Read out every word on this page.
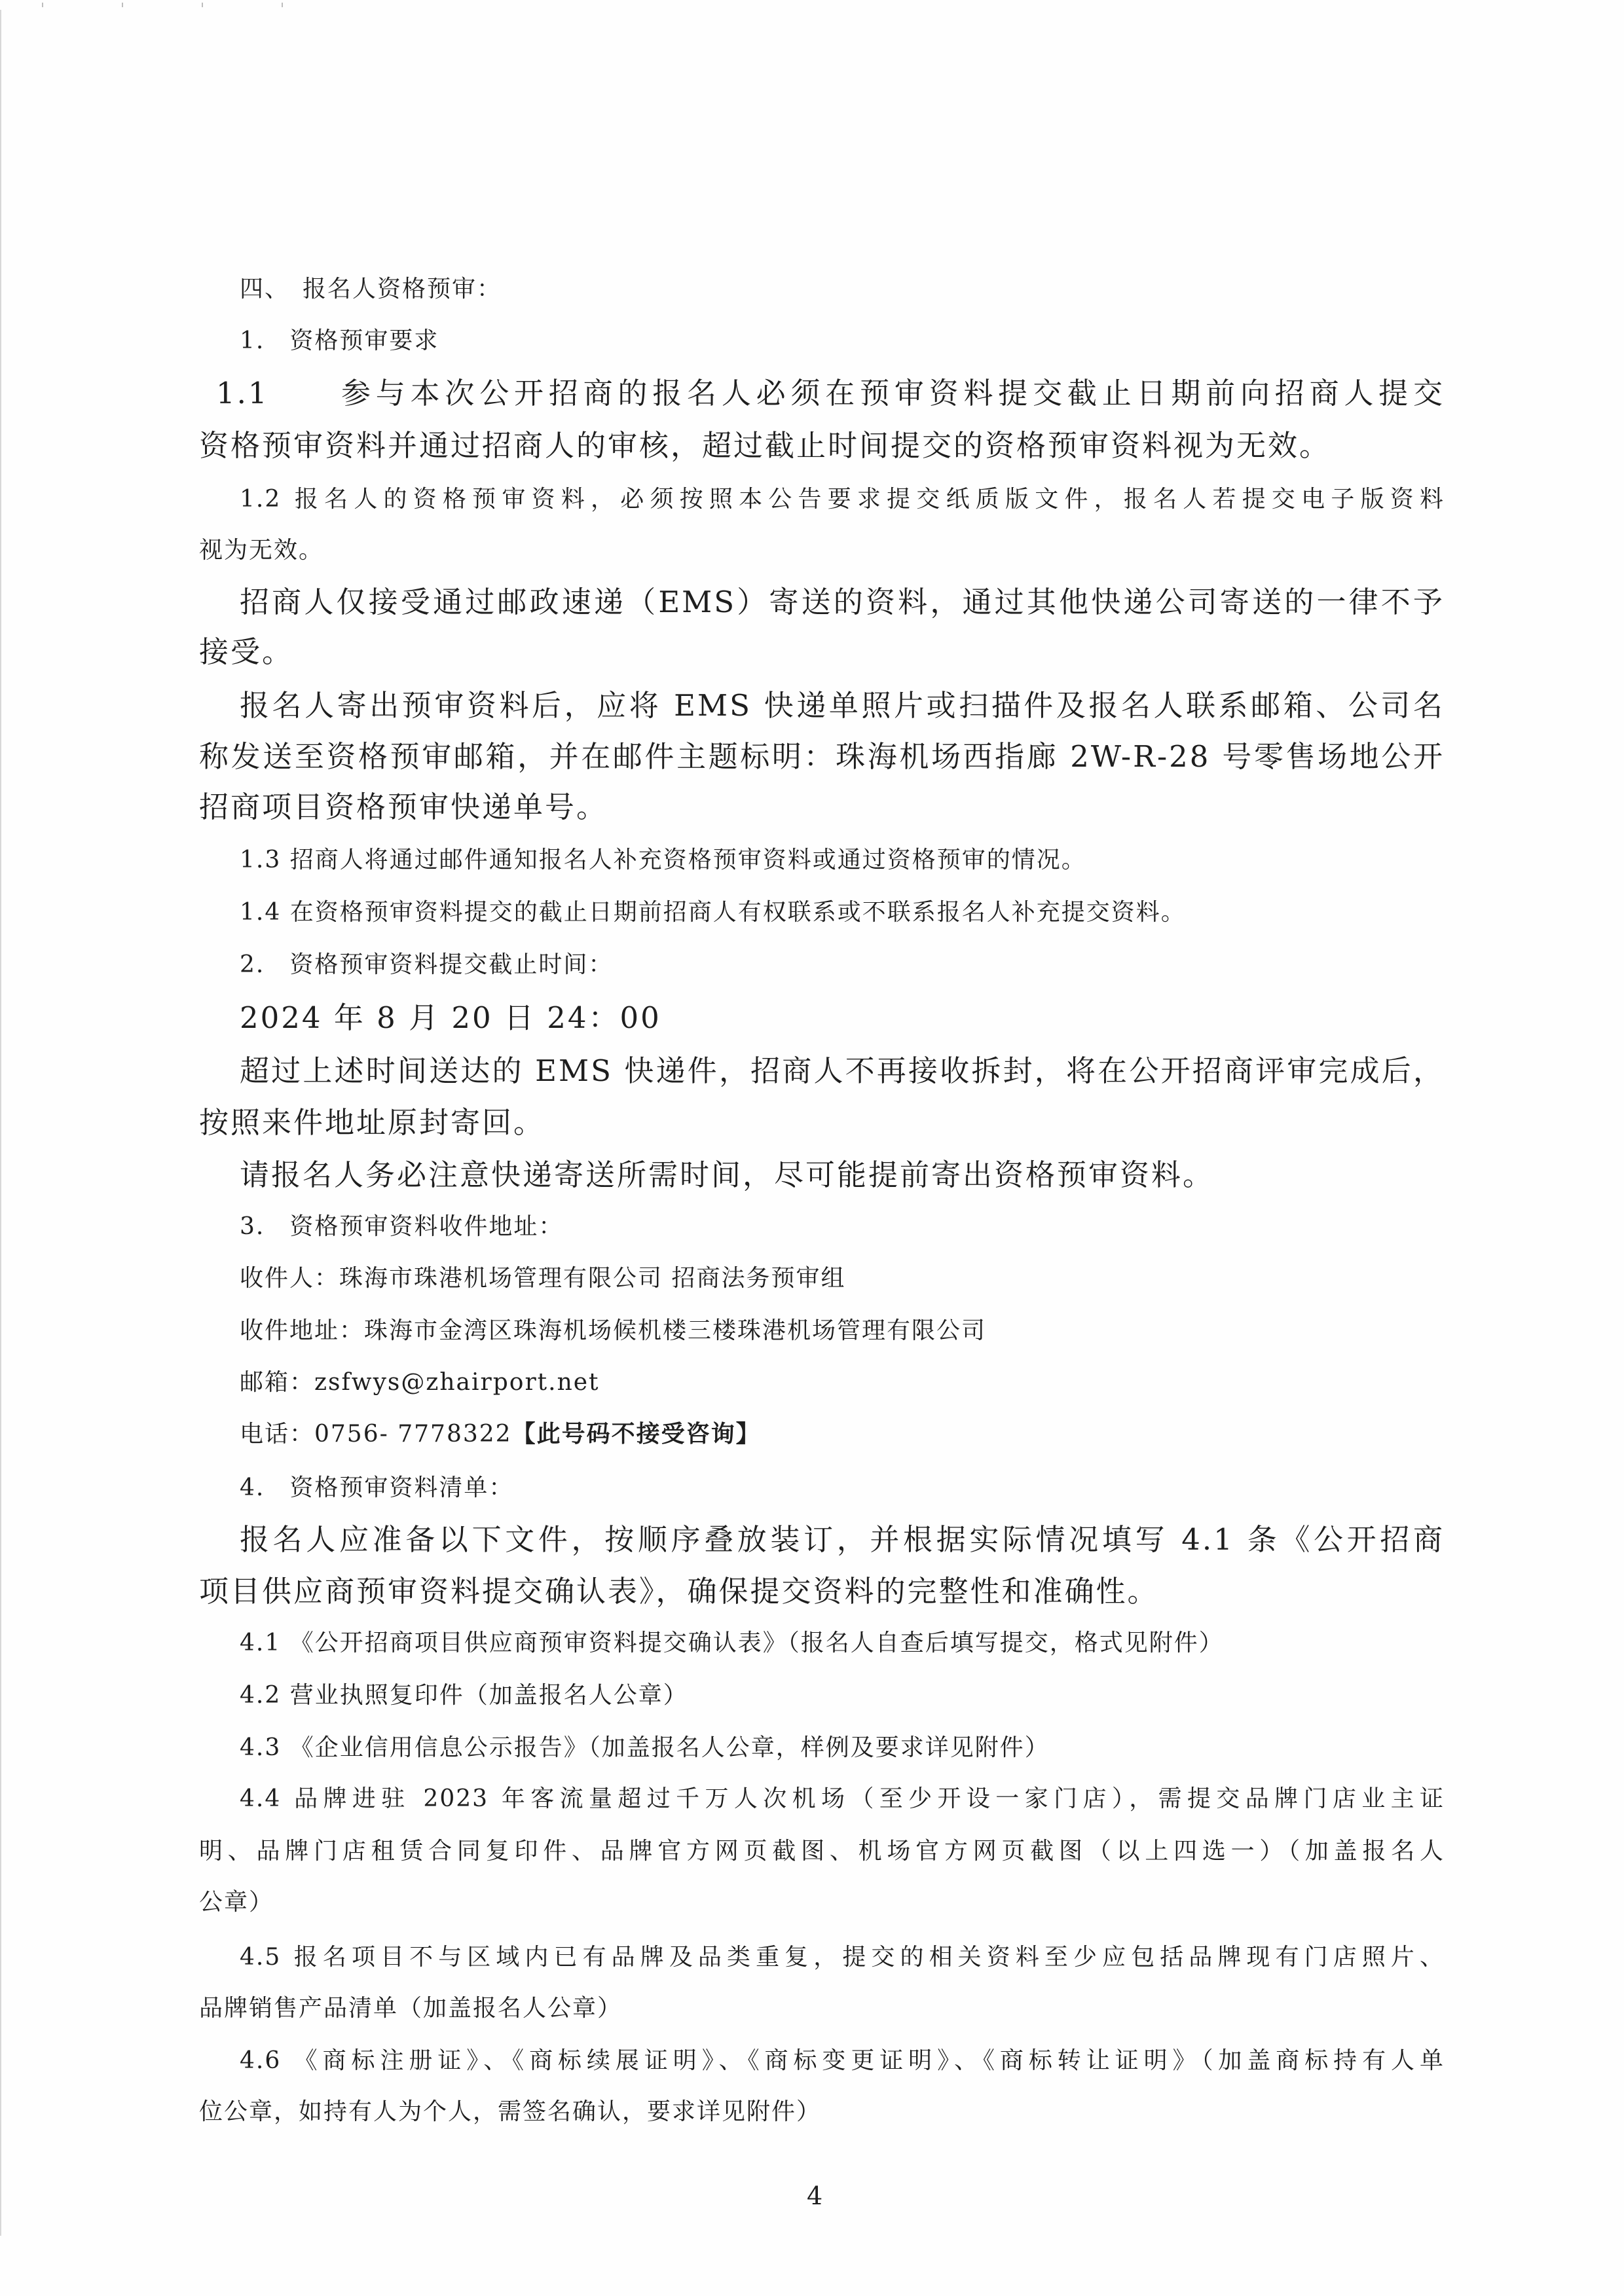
四、　报名人资格预审：
1.　资格预审要求
1.1　　参与本次公开招商的报名人必须在预审资料提交截止日期前向招商人提交
资格预审资料并通过招商人的审核，超过截止时间提交的资格预审资料视为无效。
1.2 报名人的资格预审资料，必须按照本公告要求提交纸质版文件，报名人若提交电子版资料
视为无效。
招商人仅接受通过邮政速递（EMS）寄送的资料，通过其他快递公司寄送的一律不予
接受。
报名人寄出预审资料后，应将 EMS 快递单照片或扫描件及报名人联系邮箱、公司名
称发送至资格预审邮箱，并在邮件主题标明：珠海机场西指廊 2W-R-28 号零售场地公开
招商项目资格预审快递单号。
1.3 招商人将通过邮件通知报名人补充资格预审资料或通过资格预审的情况。
1.4 在资格预审资料提交的截止日期前招商人有权联系或不联系报名人补充提交资料。
2.　资格预审资料提交截止时间：
2024 年 8 月 20 日 24：00
超过上述时间送达的 EMS 快递件，招商人不再接收拆封，将在公开招商评审完成后，
按照来件地址原封寄回。
请报名人务必注意快递寄送所需时间，尽可能提前寄出资格预审资料。
3.　资格预审资料收件地址：
收件人：珠海市珠港机场管理有限公司 招商法务预审组
收件地址：珠海市金湾区珠海机场候机楼三楼珠港机场管理有限公司
邮箱：zsfwys@zhairport.net
电话：0756- 7778322【此号码不接受咨询】
4.　资格预审资料清单：
报名人应准备以下文件，按顺序叠放装订，并根据实际情况填写 4.1 条《公开招商
项目供应商预审资料提交确认表》，确保提交资料的完整性和准确性。
4.1 《公开招商项目供应商预审资料提交确认表》（报名人自查后填写提交，格式见附件）
4.2 营业执照复印件（加盖报名人公章）
4.3 《企业信用信息公示报告》（加盖报名人公章，样例及要求详见附件）
4.4 品牌进驻 2023 年客流量超过千万人次机场（至少开设一家门店），需提交品牌门店业主证
明、品牌门店租赁合同复印件、品牌官方网页截图、机场官方网页截图（以上四选一）（加盖报名人
公章）
4.5 报名项目不与区域内已有品牌及品类重复，提交的相关资料至少应包括品牌现有门店照片、
品牌销售产品清单（加盖报名人公章）
4.6 《商标注册证》、《商标续展证明》、《商标变更证明》、《商标转让证明》（加盖商标持有人单
位公章，如持有人为个人，需签名确认，要求详见附件）
4
